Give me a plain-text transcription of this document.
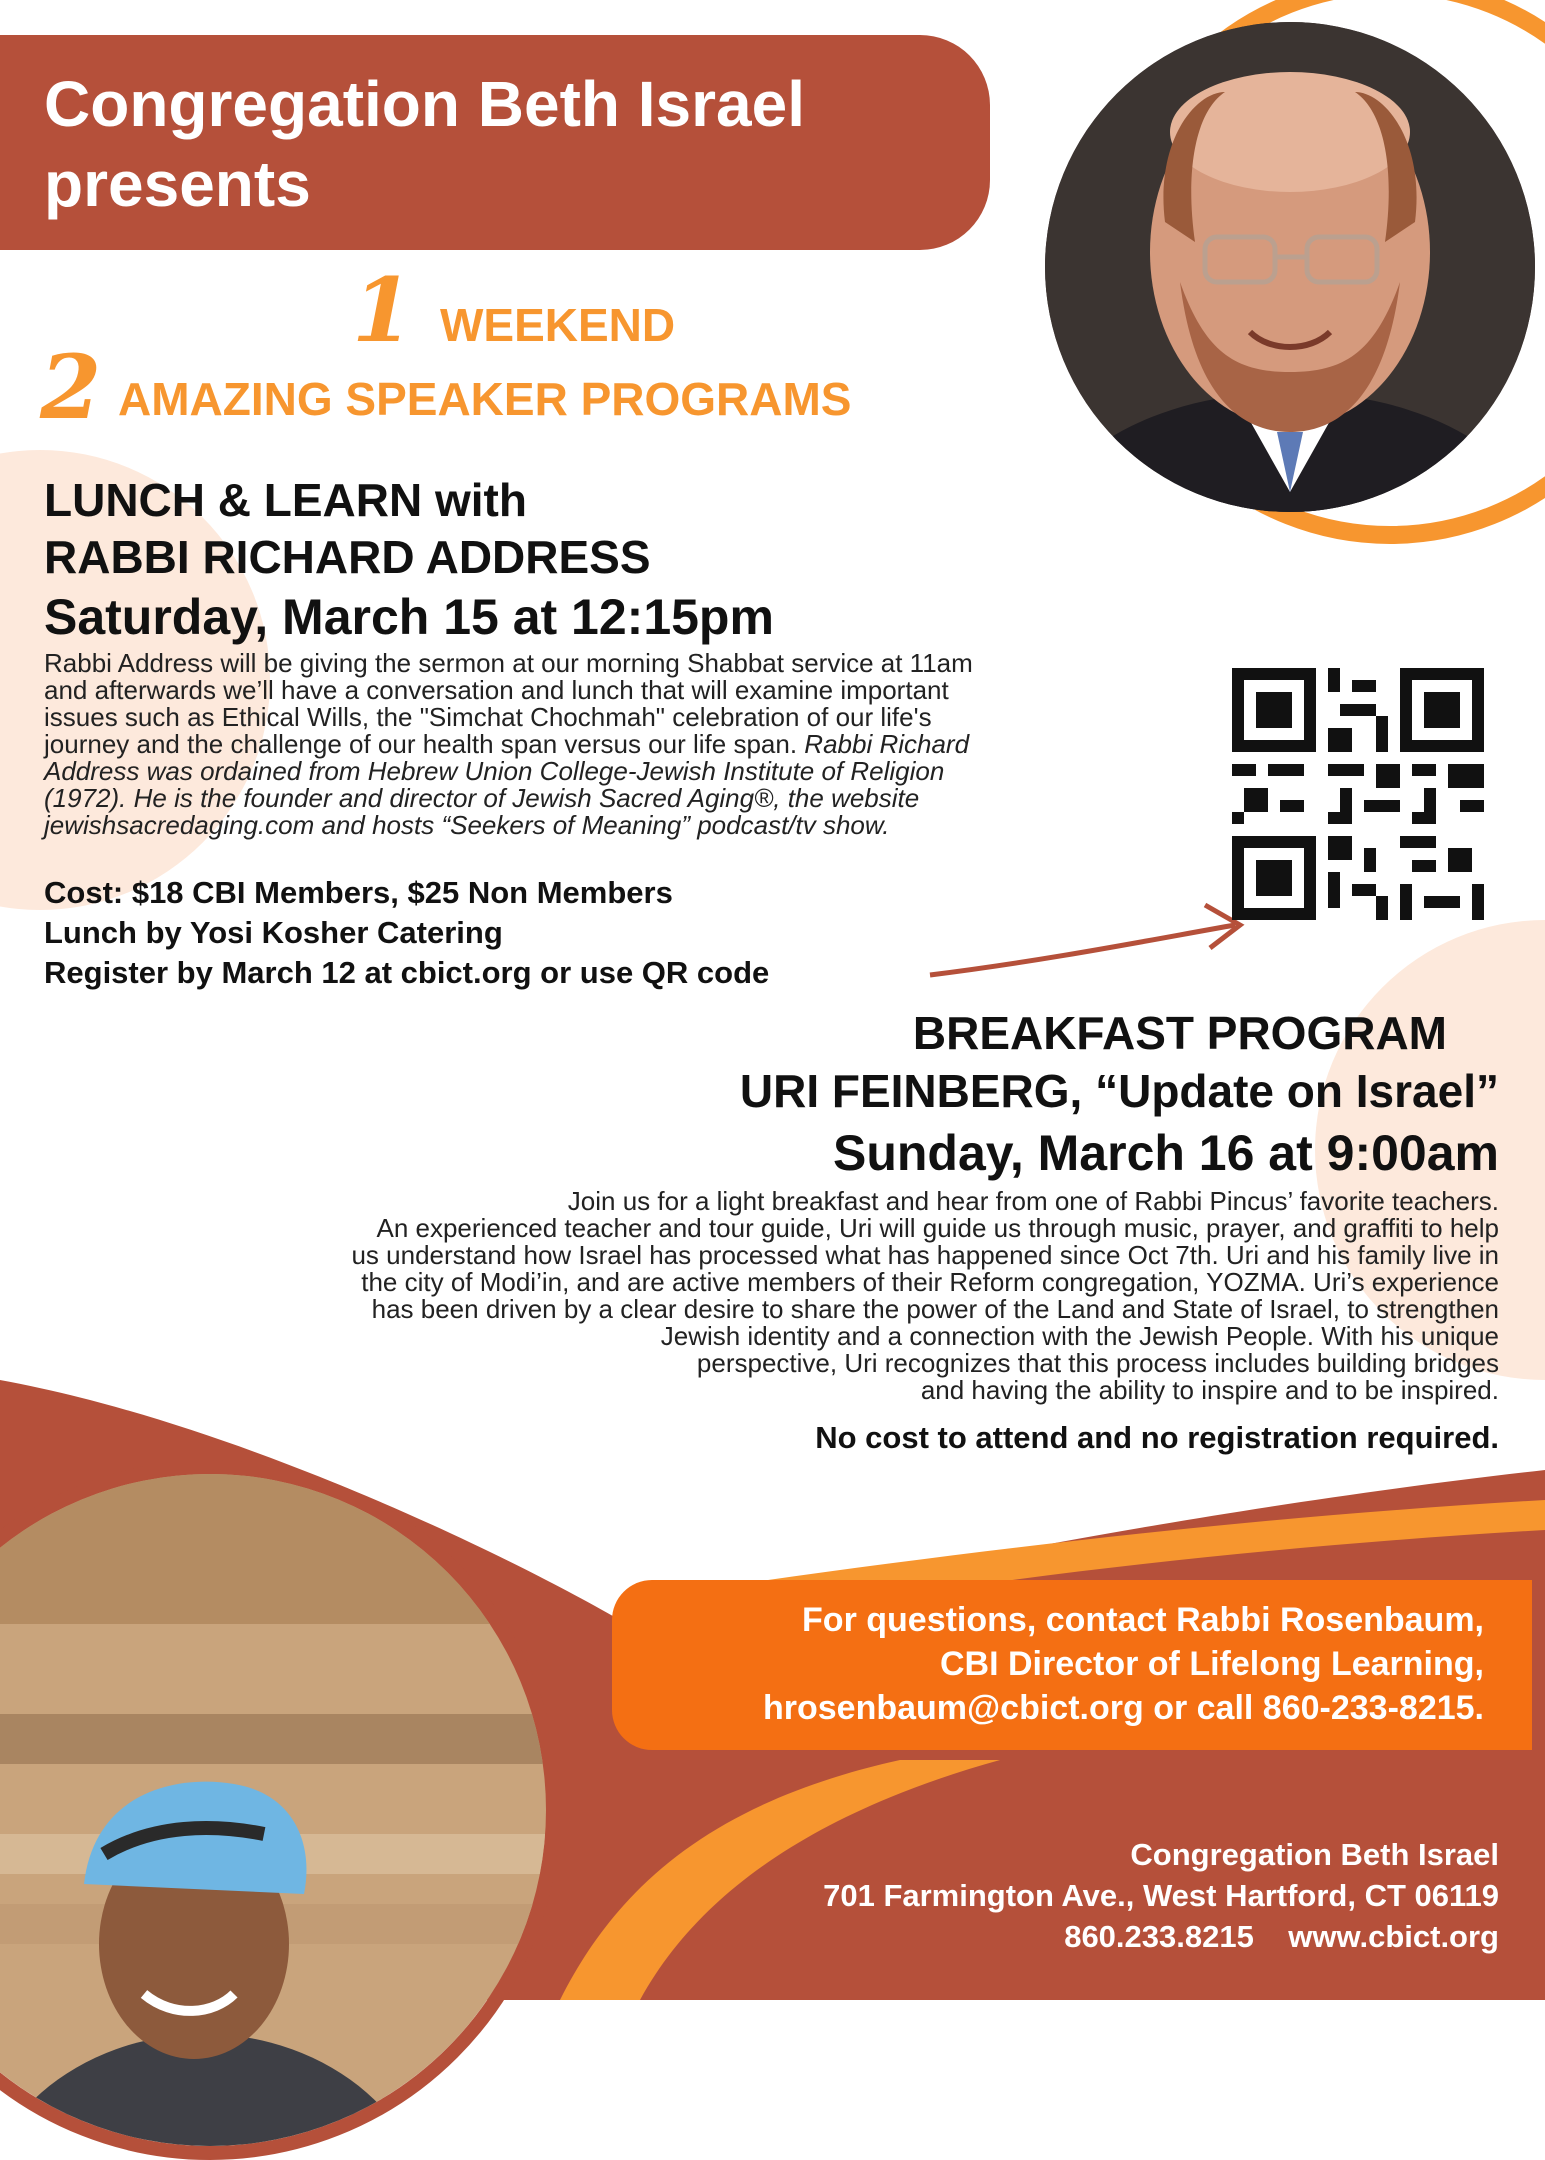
Congregation Beth Israel
presents
1 WEEKEND
2 AMAZING SPEAKER PROGRAMS
LUNCH & LEARN with
RABBI RICHARD ADDRESS
Saturday, March 15 at 12:15pm
Rabbi Address will be giving the sermon at our morning Shabbat service at 11am
and afterwards we’ll have a conversation and lunch that will examine important
issues such as Ethical Wills, the "Simchat Chochmah" celebration of our life's
journey and the challenge of our health span versus our life span. Rabbi Richard
Address was ordained from Hebrew Union College-Jewish Institute of Religion
(1972). He is the founder and director of Jewish Sacred Aging®, the website
jewishsacredaging.com and hosts “Seekers of Meaning” podcast/tv show.
Cost: $18 CBI Members, $25 Non Members
Lunch by Yosi Kosher Catering
Register by March 12 at cbict.org or use QR code
BREAKFAST PROGRAM
URI FEINBERG, “Update on Israel”
Sunday, March 16 at 9:00am
Join us for a light breakfast and hear from one of Rabbi Pincus’ favorite teachers.
An experienced teacher and tour guide, Uri will guide us through music, prayer, and graffiti to help
us understand how Israel has processed what has happened since Oct 7th. Uri and his family live in
the city of Modi’in, and are active members of their Reform congregation, YOZMA. Uri’s experience
has been driven by a clear desire to share the power of the Land and State of Israel, to strengthen
Jewish identity and a connection with the Jewish People. With his unique
perspective, Uri recognizes that this process includes building bridges
and having the ability to inspire and to be inspired.
No cost to attend and no registration required.
For questions, contact Rabbi Rosenbaum,
CBI Director of Lifelong Learning,
hrosenbaum@cbict.org or call 860-233-8215.
Congregation Beth Israel
701 Farmington Ave., West Hartford, CT 06119
860.233.8215    www.cbict.org
